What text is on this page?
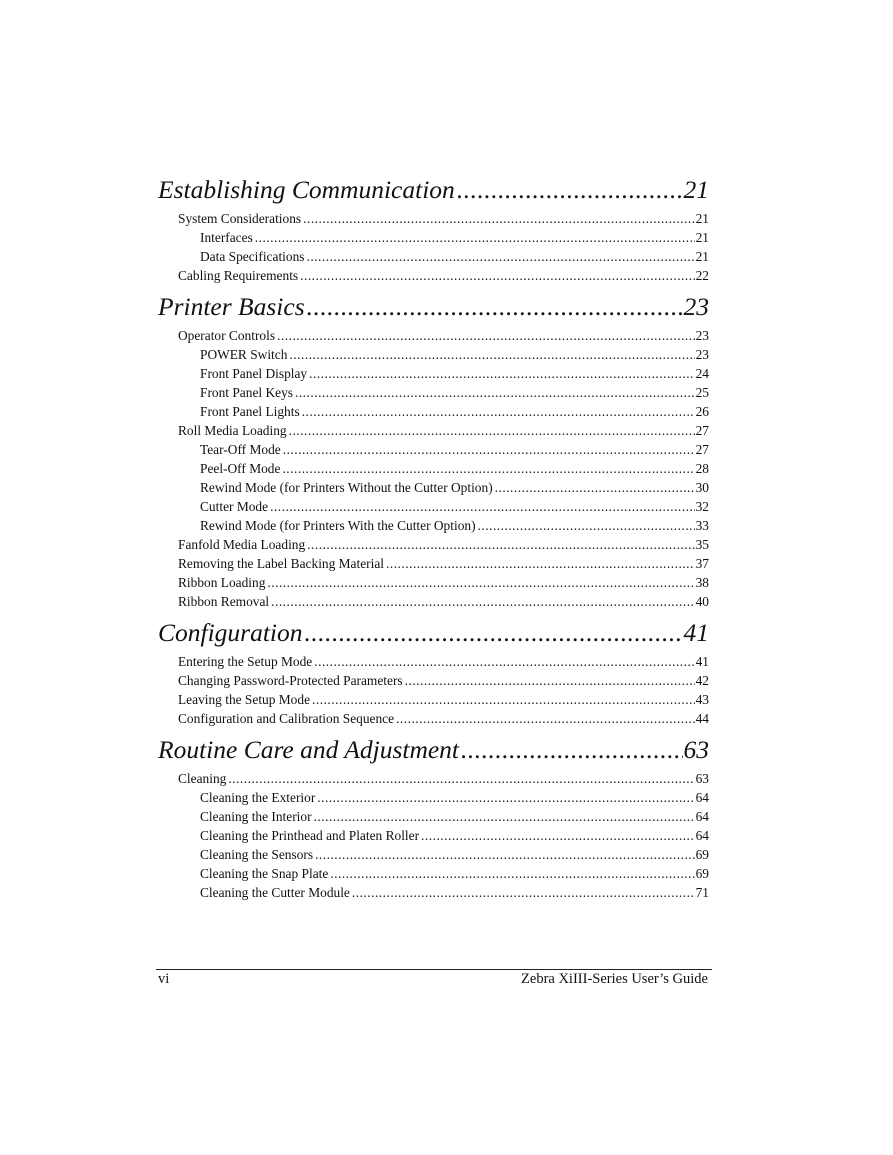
Establishing Communication .....	21
System Considerations .....	21
Interfaces .....	21
Data Specifications .....	21
Cabling Requirements .....	22
Printer Basics .....	23
Operator Controls .....	23
POWER Switch .....	23
Front Panel Display .....	24
Front Panel Keys .....	25
Front Panel Lights .....	26
Roll Media Loading .....	27
Tear-Off Mode .....	27
Peel-Off Mode .....	28
Rewind Mode (for Printers Without the Cutter Option) .....	30
Cutter Mode .....	32
Rewind Mode (for Printers With the Cutter Option) .....	33
Fanfold Media Loading .....	35
Removing the Label Backing Material .....	37
Ribbon Loading .....	38
Ribbon Removal .....	40
Configuration .....	41
Entering the Setup Mode .....	41
Changing Password-Protected Parameters .....	42
Leaving the Setup Mode .....	43
Configuration and Calibration Sequence .....	44
Routine Care and Adjustment .....	63
Cleaning .....	63
Cleaning the Exterior .....	64
Cleaning the Interior .....	64
Cleaning the Printhead and Platen Roller .....	64
Cleaning the Sensors .....	69
Cleaning the Snap Plate .....	69
Cleaning the Cutter Module .....	71
vi	Zebra XiIII-Series User’s Guide
